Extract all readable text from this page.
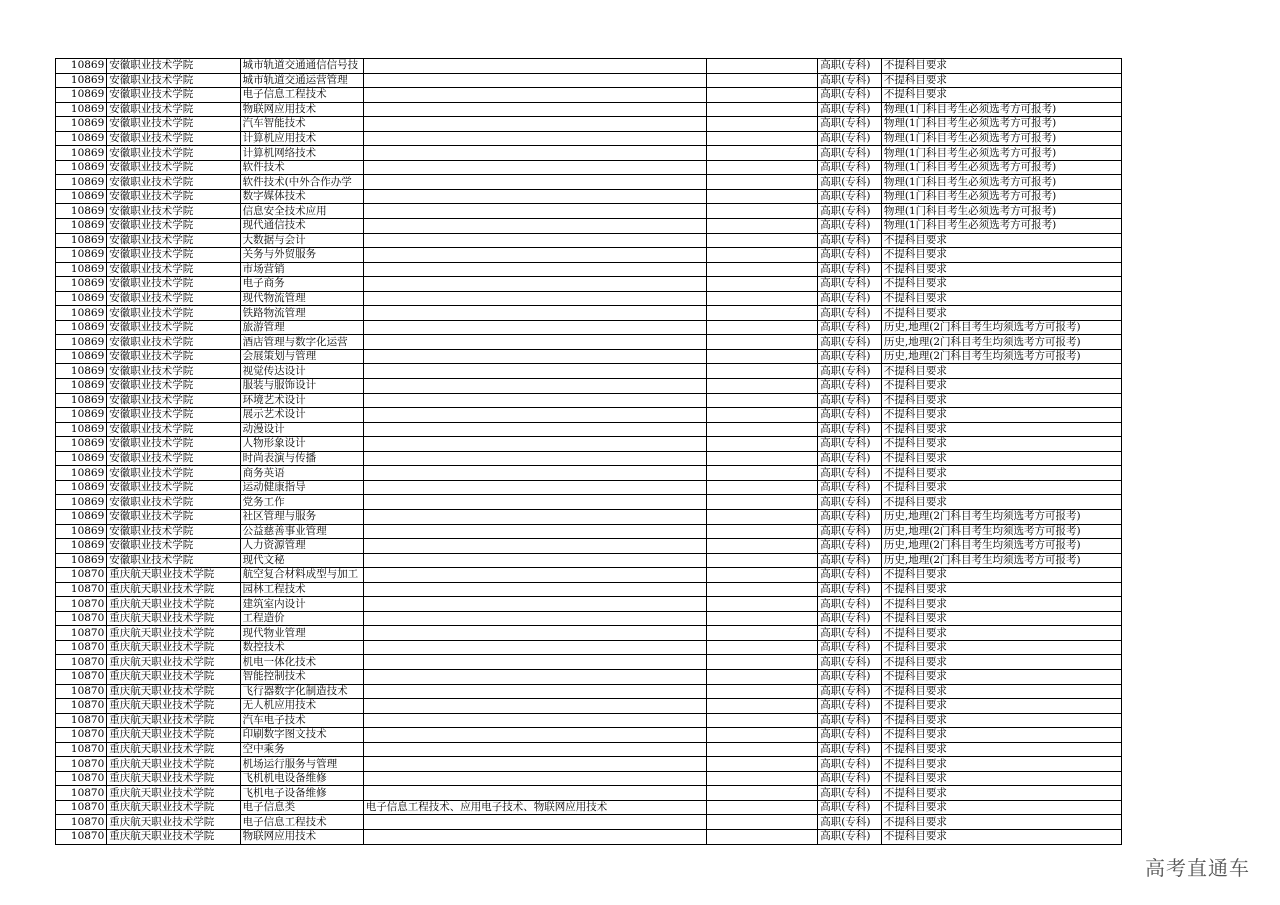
10869	安徽职业技术学院	城市轨道交通通信信号技			高职(专科)	不提科目要求
10869	安徽职业技术学院	城市轨道交通运营管理			高职(专科)	不提科目要求
10869	安徽职业技术学院	电子信息工程技术			高职(专科)	不提科目要求
10869	安徽职业技术学院	物联网应用技术			高职(专科)	物理(1门科目考生必须选考方可报考)
10869	安徽职业技术学院	汽车智能技术			高职(专科)	物理(1门科目考生必须选考方可报考)
10869	安徽职业技术学院	计算机应用技术			高职(专科)	物理(1门科目考生必须选考方可报考)
10869	安徽职业技术学院	计算机网络技术			高职(专科)	物理(1门科目考生必须选考方可报考)
10869	安徽职业技术学院	软件技术			高职(专科)	物理(1门科目考生必须选考方可报考)
10869	安徽职业技术学院	软件技术(中外合作办学			高职(专科)	物理(1门科目考生必须选考方可报考)
10869	安徽职业技术学院	数字媒体技术			高职(专科)	物理(1门科目考生必须选考方可报考)
10869	安徽职业技术学院	信息安全技术应用			高职(专科)	物理(1门科目考生必须选考方可报考)
10869	安徽职业技术学院	现代通信技术			高职(专科)	物理(1门科目考生必须选考方可报考)
10869	安徽职业技术学院	大数据与会计			高职(专科)	不提科目要求
10869	安徽职业技术学院	关务与外贸服务			高职(专科)	不提科目要求
10869	安徽职业技术学院	市场营销			高职(专科)	不提科目要求
10869	安徽职业技术学院	电子商务			高职(专科)	不提科目要求
10869	安徽职业技术学院	现代物流管理			高职(专科)	不提科目要求
10869	安徽职业技术学院	铁路物流管理			高职(专科)	不提科目要求
10869	安徽职业技术学院	旅游管理			高职(专科)	历史,地理(2门科目考生均须选考方可报考)
10869	安徽职业技术学院	酒店管理与数字化运营			高职(专科)	历史,地理(2门科目考生均须选考方可报考)
10869	安徽职业技术学院	会展策划与管理			高职(专科)	历史,地理(2门科目考生均须选考方可报考)
10869	安徽职业技术学院	视觉传达设计			高职(专科)	不提科目要求
10869	安徽职业技术学院	服装与服饰设计			高职(专科)	不提科目要求
10869	安徽职业技术学院	环境艺术设计			高职(专科)	不提科目要求
10869	安徽职业技术学院	展示艺术设计			高职(专科)	不提科目要求
10869	安徽职业技术学院	动漫设计			高职(专科)	不提科目要求
10869	安徽职业技术学院	人物形象设计			高职(专科)	不提科目要求
10869	安徽职业技术学院	时尚表演与传播			高职(专科)	不提科目要求
10869	安徽职业技术学院	商务英语			高职(专科)	不提科目要求
10869	安徽职业技术学院	运动健康指导			高职(专科)	不提科目要求
10869	安徽职业技术学院	党务工作			高职(专科)	不提科目要求
10869	安徽职业技术学院	社区管理与服务			高职(专科)	历史,地理(2门科目考生均须选考方可报考)
10869	安徽职业技术学院	公益慈善事业管理			高职(专科)	历史,地理(2门科目考生均须选考方可报考)
10869	安徽职业技术学院	人力资源管理			高职(专科)	历史,地理(2门科目考生均须选考方可报考)
10869	安徽职业技术学院	现代文秘			高职(专科)	历史,地理(2门科目考生均须选考方可报考)
10870	重庆航天职业技术学院	航空复合材料成型与加工			高职(专科)	不提科目要求
10870	重庆航天职业技术学院	园林工程技术			高职(专科)	不提科目要求
10870	重庆航天职业技术学院	建筑室内设计			高职(专科)	不提科目要求
10870	重庆航天职业技术学院	工程造价			高职(专科)	不提科目要求
10870	重庆航天职业技术学院	现代物业管理			高职(专科)	不提科目要求
10870	重庆航天职业技术学院	数控技术			高职(专科)	不提科目要求
10870	重庆航天职业技术学院	机电一体化技术			高职(专科)	不提科目要求
10870	重庆航天职业技术学院	智能控制技术			高职(专科)	不提科目要求
10870	重庆航天职业技术学院	飞行器数字化制造技术			高职(专科)	不提科目要求
10870	重庆航天职业技术学院	无人机应用技术			高职(专科)	不提科目要求
10870	重庆航天职业技术学院	汽车电子技术			高职(专科)	不提科目要求
10870	重庆航天职业技术学院	印刷数字图文技术			高职(专科)	不提科目要求
10870	重庆航天职业技术学院	空中乘务			高职(专科)	不提科目要求
10870	重庆航天职业技术学院	机场运行服务与管理			高职(专科)	不提科目要求
10870	重庆航天职业技术学院	飞机机电设备维修			高职(专科)	不提科目要求
10870	重庆航天职业技术学院	飞机电子设备维修			高职(专科)	不提科目要求
10870	重庆航天职业技术学院	电子信息类	电子信息工程技术、应用电子技术、物联网应用技术		高职(专科)	不提科目要求
10870	重庆航天职业技术学院	电子信息工程技术			高职(专科)	不提科目要求
10870	重庆航天职业技术学院	物联网应用技术			高职(专科)	不提科目要求
高考直通车
